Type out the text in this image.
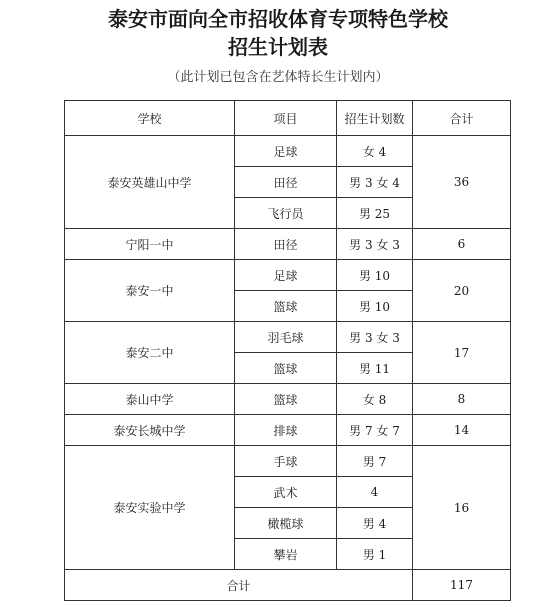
泰安市面向全市招收体育专项特色学校
招生计划表
（此计划已包含在艺体特长生计划内）
学校	项目	招生计划数	合计
泰安英雄山中学	足球	女 4	36
	田径	男 3 女 4	
	飞行员	男 25	
宁阳一中	田径	男 3 女 3	6
泰安一中	足球	男 10	20
	篮球	男 10	
泰安二中	羽毛球	男 3 女 3	17
	篮球	男 11	
泰山中学	篮球	女 8	8
泰安长城中学	排球	男 7 女 7	14
泰安实验中学	手球	男 7	16
	武术	4	
	橄榄球	男 4	
	攀岩	男 1	
合计			117
